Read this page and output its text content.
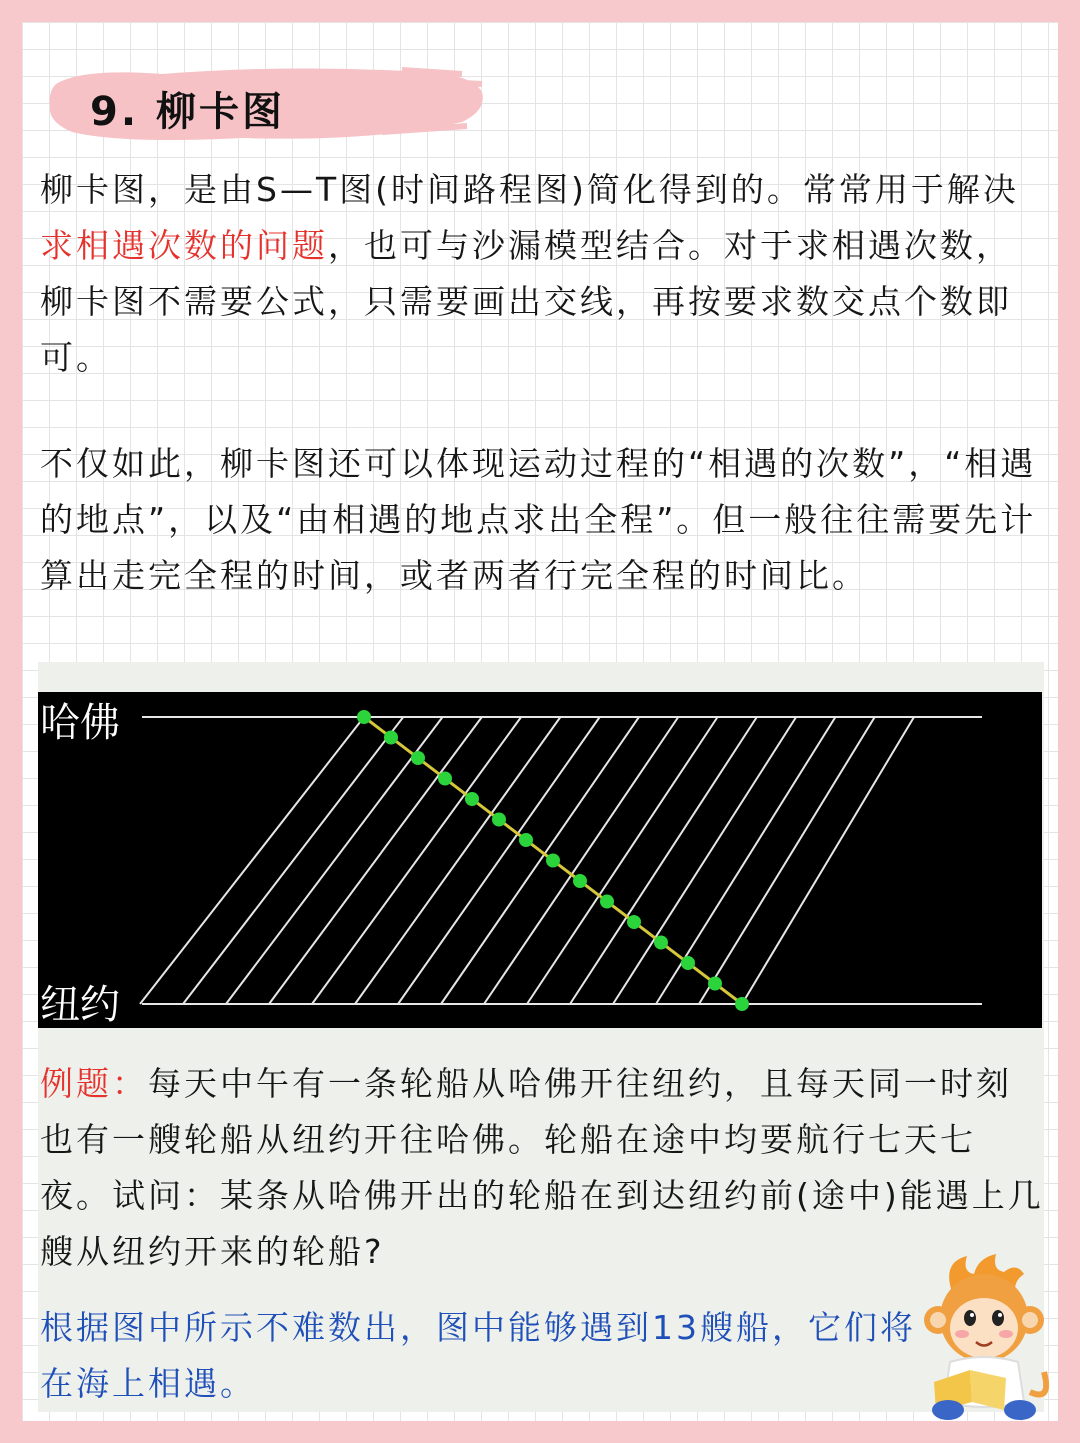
9. 柳卡图

柳卡图，是由S—T图(时间路程图)简化得到的。常常用于解决求相遇次数的问题，也可与沙漏模型结合。对于求相遇次数，柳卡图不需要公式，只需要画出交线，再按要求数交点个数即可。

不仅如此，柳卡图还可以体现运动过程的“相遇的次数”，“相遇的地点”，以及“由相遇的地点求出全程”。但一般往往需要先计算出走完全程的时间，或者两者行完全程的时间比。

哈佛
纽约

例题：每天中午有一条轮船从哈佛开往纽约，且每天同一时刻也有一艘轮船从纽约开往哈佛。轮船在途中均要航行七天七夜。试问：某条从哈佛开出的轮船在到达纽约前(途中)能遇上几艘从纽约开来的轮船?

根据图中所示不难数出，图中能够遇到13艘船，它们将在海上相遇。
